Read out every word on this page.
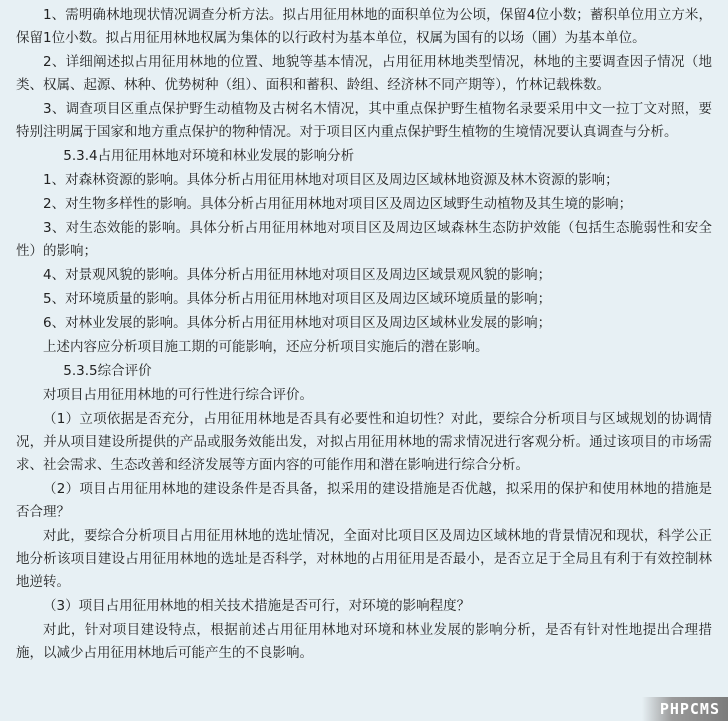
1、需明确林地现状情况调查分析方法。拟占用征用林地的面积单位为公顷，保留4位小数；蓄积单位用立方米，保留1位小数。拟占用征用林地权属为集体的以行政村为基本单位，权属为国有的以场（圃）为基本单位。

2、详细阐述拟占用征用林地的位置、地貌等基本情况，占用征用林地类型情况，林地的主要调查因子情况（地类、权属、起源、林种、优势树种（组）、面积和蓄积、龄组、经济林不同产期等），竹林记载株数。

3、调查项目区重点保护野生动植物及古树名木情况，其中重点保护野生植物名录要采用中文一拉丁文对照，要特别注明属于国家和地方重点保护的物种情况。对于项目区内重点保护野生植物的生境情况要认真调查与分析。

5.3.4占用征用林地对环境和林业发展的影响分析

1、对森林资源的影响。具体分析占用征用林地对项目区及周边区域林地资源及林木资源的影响；

2、对生物多样性的影响。具体分析占用征用林地对项目区及周边区域野生动植物及其生境的影响；

3、对生态效能的影响。具体分析占用征用林地对项目区及周边区域森林生态防护效能（包括生态脆弱性和安全性）的影响；

4、对景观风貌的影响。具体分析占用征用林地对项目区及周边区域景观风貌的影响；

5、对环境质量的影响。具体分析占用征用林地对项目区及周边区域环境质量的影响；

6、对林业发展的影响。具体分析占用征用林地对项目区及周边区域林业发展的影响；

上述内容应分析项目施工期的可能影响，还应分析项目实施后的潜在影响。

5.3.5综合评价

对项目占用征用林地的可行性进行综合评价。

（1）立项依据是否充分，占用征用林地是否具有必要性和迫切性？对此，要综合分析项目与区域规划的协调情况，并从项目建设所提供的产品或服务效能出发，对拟占用征用林地的需求情况进行客观分析。通过该项目的市场需求、社会需求、生态改善和经济发展等方面内容的可能作用和潜在影响进行综合分析。

（2）项目占用征用林地的建设条件是否具备，拟采用的建设措施是否优越，拟采用的保护和使用林地的措施是否合理？

对此，要综合分析项目占用征用林地的选址情况，全面对比项目区及周边区域林地的背景情况和现状，科学公正地分析该项目建设占用征用林地的选址是否科学，对林地的占用征用是否最小，是否立足于全局且有利于有效控制林地逆转。

（3）项目占用征用林地的相关技术措施是否可行，对环境的影响程度？

对此，针对项目建设特点，根据前述占用征用林地对环境和林业发展的影响分析，是否有针对性地提出合理措施，以减少占用征用林地后可能产生的不良影响。

PHPCMS
